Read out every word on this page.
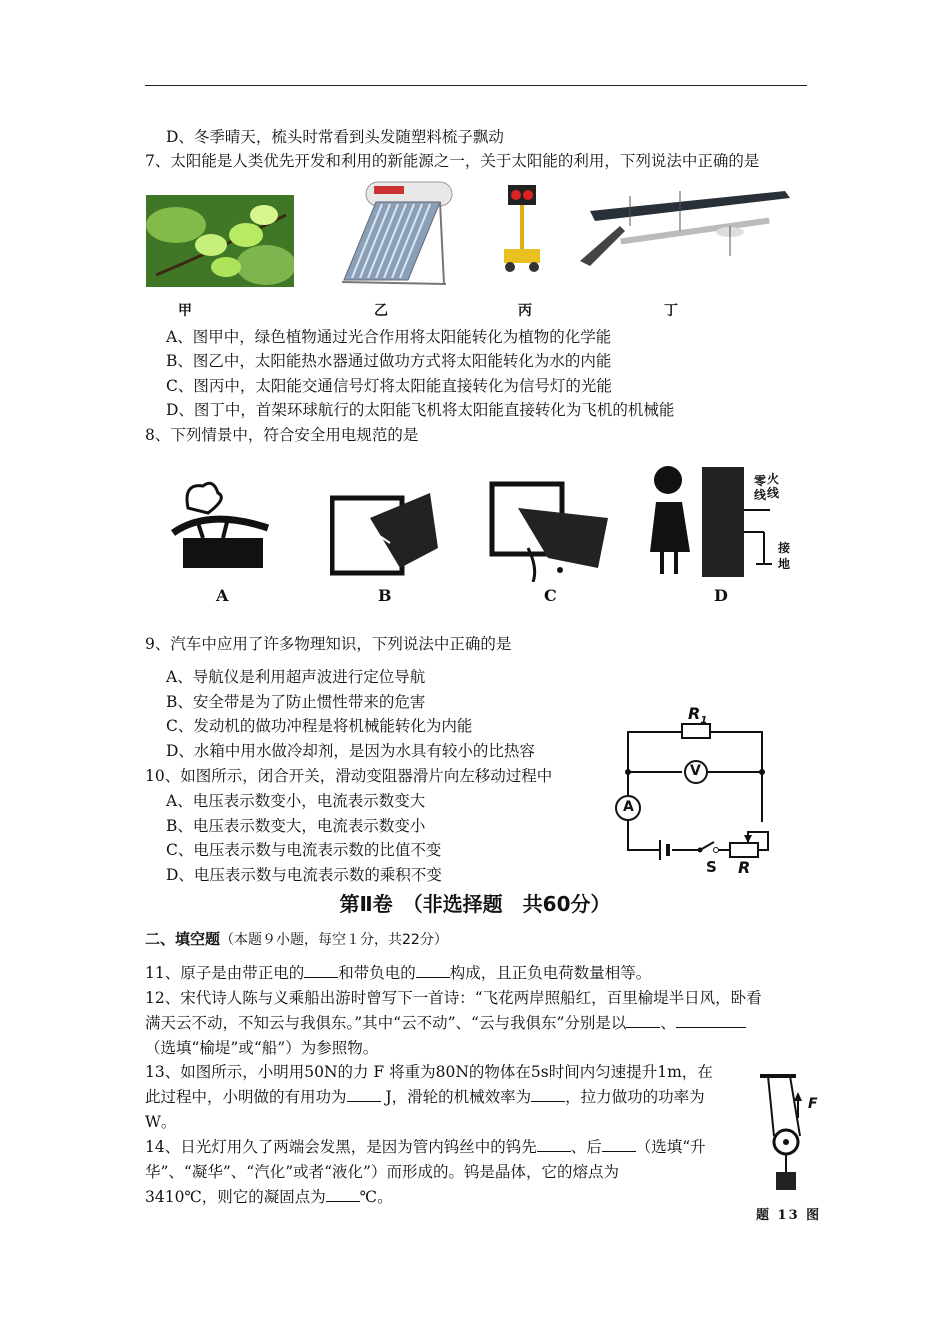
D、冬季晴天，梳头时常看到头发随塑料梳子飘动
7、太阳能是人类优先开发和利用的新能源之一，关于太阳能的利用，下列说法中正确的是
甲	乙	丙	丁
A、图甲中，绿色植物通过光合作用将太阳能转化为植物的化学能
B、图乙中，太阳能热水器通过做功方式将太阳能转化为水的内能
C、图丙中，太阳能交通信号灯将太阳能直接转化为信号灯的光能
D、图丁中，首架环球航行的太阳能飞机将太阳能直接转化为飞机的机械能
8、下列情景中，符合安全用电规范的是
零线
火线
接地
A	B	C	D
9、汽车中应用了许多物理知识，下列说法中正确的是
A、导航仪是利用超声波进行定位导航
B、安全带是为了防止惯性带来的危害
C、发动机的做功冲程是将机械能转化为内能
D、水箱中用水做冷却剂，是因为水具有较小的比热容
10、如图所示，闭合开关，滑动变阻器滑片向左移动过程中
A、电压表示数变小，电流表示数变大
B、电压表示数变大，电流表示数变小
C、电压表示数与电流表示数的比值不变
D、电压表示数与电流表示数的乘积不变
$R_1$
V
A
S R
第Ⅱ卷　（非选择题　共60分）
二、填空题（本题９小题，每空１分，共22分）
11、原子是由带正电的 和带负电的 构成，且正负电荷数量相等。
12、宋代诗人陈与义乘船出游时曾写下一首诗：“飞花两岸照船红，百里榆堤半日风，卧看
满天云不动，不知云与我俱东。”其中“云不动”、“云与我俱东”分别是以 、
（选填“榆堤”或“船”）为参照物。
13、如图所示，小明用50N的力 F 将重为80N的物体在5s时间内匀速提升1m，在
此过程中，小明做的有用功为 J，滑轮的机械效率为 ，拉力做功的功率为
W。
14、日光灯用久了两端会发黑，是因为管内钨丝中的钨先 、后 （选填“升
华”、“凝华”、“汽化”或者“液化”）而形成的。钨是晶体，它的熔点为
3410℃，则它的凝固点为 ℃。
F
题 13 图
